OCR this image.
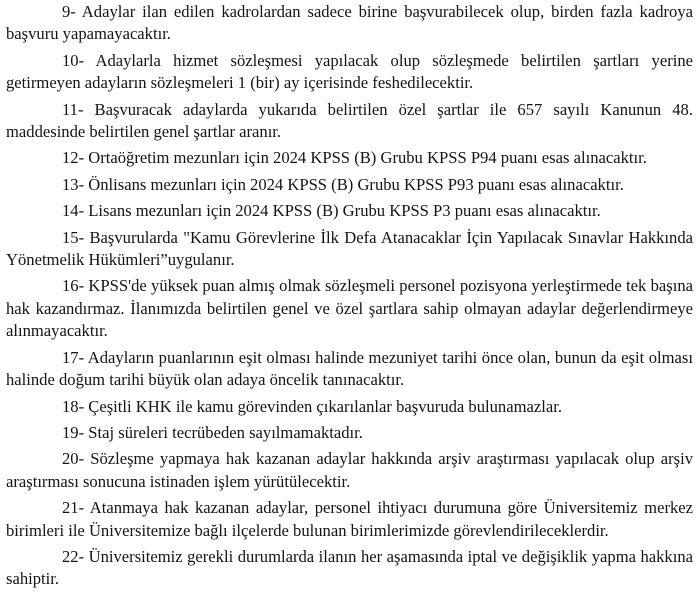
9- Adaylar ilan edilen kadrolardan sadece birine başvurabilecek olup, birden fazla kadroya başvuru yapamayacaktır.

10- Adaylarla hizmet sözleşmesi yapılacak olup sözleşmede belirtilen şartları yerine getirmeyen adayların sözleşmeleri 1 (bir) ay içerisinde feshedilecektir.

11- Başvuracak adaylarda yukarıda belirtilen özel şartlar ile 657 sayılı Kanunun 48. maddesinde belirtilen genel şartlar aranır.

12- Ortaöğretim mezunları için 2024 KPSS (B) Grubu KPSS P94 puanı esas alınacaktır.

13- Önlisans mezunları için 2024 KPSS (B) Grubu KPSS P93 puanı esas alınacaktır.

14- Lisans mezunları için 2024 KPSS (B) Grubu KPSS P3 puanı esas alınacaktır.

15- Başvurularda "Kamu Görevlerine İlk Defa Atanacaklar İçin Yapılacak Sınavlar Hakkında Yönetmelik Hükümleri”uygulanır.

16- KPSS'de yüksek puan almış olmak sözleşmeli personel pozisyona yerleştirmede tek başına hak kazandırmaz. İlanımızda belirtilen genel ve özel şartlara sahip olmayan adaylar değerlendirmeye alınmayacaktır.

17- Adayların puanlarının eşit olması halinde mezuniyet tarihi önce olan, bunun da eşit olması halinde doğum tarihi büyük olan adaya öncelik tanınacaktır.

18- Çeşitli KHK ile kamu görevinden çıkarılanlar başvuruda bulunamazlar.

19- Staj süreleri tecrübeden sayılmamaktadır.

20- Sözleşme yapmaya hak kazanan adaylar hakkında arşiv araştırması yapılacak olup arşiv araştırması sonucuna istinaden işlem yürütülecektir.

21- Atanmaya hak kazanan adaylar, personel ihtiyacı durumuna göre Üniversitemiz merkez birimleri ile Üniversitemize bağlı ilçelerde bulunan birimlerimizde görevlendirileceklerdir.

22- Üniversitemiz gerekli durumlarda ilanın her aşamasında iptal ve değişiklik yapma hakkına sahiptir.
